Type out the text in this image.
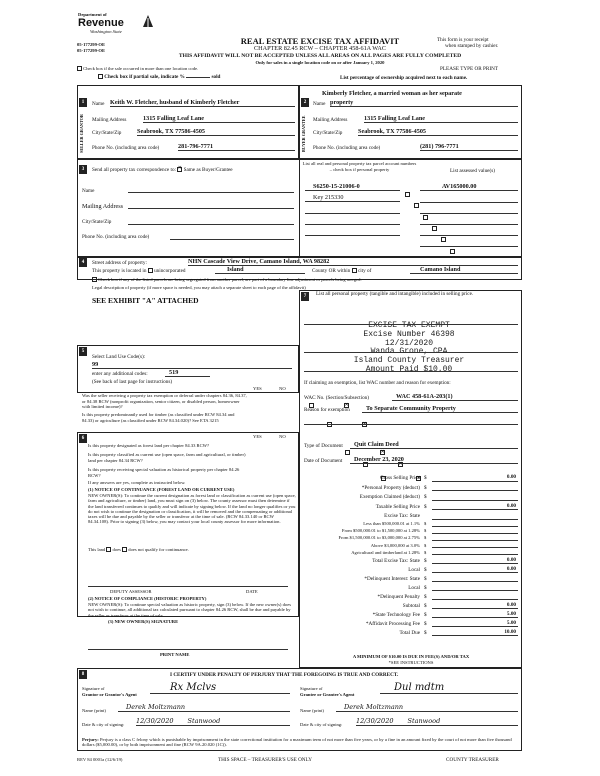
Department of
Revenue
Washington State
05-177299-OE
05-177299-OE
REAL ESTATE EXCISE TAX AFFIDAVIT
CHAPTER 82.45 RCW – CHAPTER 458-61A WAC
THIS AFFIDAVIT WILL NOT BE ACCEPTED UNLESS ALL AREAS ON ALL PAGES ARE FULLY COMPLETED
Only for sales in a single location code on or after January 1, 2020
This form is your receipt
when stamped by cashier.
PLEASE TYPE OR PRINT
Check box if the sale occurred in more than one location code.
Check box if partial sale, indicate %	sold	List percentage of ownership acquired next to each name.
1
SELLER GRANTOR
Name Keith W. Fletcher, husband of Kimberly Fletcher
Mailing Address	1315 Falling Leaf Lane
City/State/Zip	Seabrook, TX 77586-4505
Phone No. (including area code)	281-796-7771
2
BUYER GRANTEE
Kimberly Fletcher, a married woman as her separate
Name property
Mailing Address	1315 Falling Leaf Lane
City/State/Zip	Seabrook, TX 77586-4505
Phone No. (including area code)	(281) 796-7771
3	Send all property tax correspondence to: ✕ Same as Buyer/Grantee
Name
Mailing Address
City/State/Zip
Phone No. (including area code)
List all real and personal property tax parcel account numbers – check box if personal property	List assessed value(s)
S6250-15-21006-0
	AV165000.00
Key 215330

4	Street address of property:	NHN Cascade View Drive, Camano Island, WA 98282
This property is located in unincorporated	Island	County OR within city of	Camano Island
Check box if any of the listed parcels are being segregated from another parcel, are part of a boundary line adjustment or parcels being merged.
Legal description of property (if more space is needed, you may attach a separate sheet to each page of the affidavit)
SEE EXHIBIT "A" ATTACHED
5
Select Land Use Code(s):
99
enter any additional codes:	519
(See back of last page for instructions)
YES	NO
Was the seller receiving a property tax exemption or deferral under chapters 84.36, 84.37, or 84.38 RCW (nonprofit organization, senior citizen, or disabled person, homeowner with limited income)?
✕
Is this property predominantly used for timber (as classified under RCW 84.34 and 84.33) or agriculture (as classified under RCW 84.34.020)? See ETA 3215
✕
6	YES	NO
Is this property designated as forest land per chapter 84.33 RCW?
✕
Is this property classified as current use (open space, farm and agricultural, or timber) land per chapter 84.34 RCW?
✕
Is this property receiving special valuation as historical property per chapter 84.26 RCW?
✕
If any answers are yes, complete as instructed below.
(1) NOTICE OF CONTINUANCE (FOREST LAND OR CURRENT USE)
NEW OWNER(S): To continue the current designation as forest land or classification as current use (open space, farm and agriculture, or timber) land, you must sign on (3) below. The county assessor must then determine if the land transferred continues to qualify and will indicate by signing below. If the land no longer qualifies or you do not wish to continue the designation or classification, it will be removed and the compensating or additional taxes will be due and payable by the seller or transferor at the time of sale. (RCW 84.33.140 or RCW 84.34.108). Prior to signing (3) below, you may contact your local county assessor for more information.
This land does does not qualify for continuance.
DEPUTY ASSESSOR	DATE
(2) NOTICE OF COMPLIANCE (HISTORIC PROPERTY)
NEW OWNER(S): To continue special valuation as historic property, sign (3) below. If the new owner(s) does not wish to continue, all additional tax calculated pursuant to chapter 84.26 RCW, shall be due and payable by the seller or transferor at the time of sale.
(3) NEW OWNER(S) SIGNATURE
PRINT NAME
7	List all personal property (tangible and intangible) included in selling price.
EXCISE TAX EXEMPT
Excise Number 46398
12/31/2020
Wanda Grone, CPA
Island County Treasurer
Amount Paid $10.00
If claiming an exemption, list WAC number and reason for exemption:
WAC No. (Section/Subsection)	WAC 458-61A-203(1)
Reason for exemption	To Separate Community Property
Type of Document	Quit Claim Deed
Date of Document	December 23, 2020
Gross Selling Price $	0.00
*Personal Property (deduct) $
Exemption Claimed (deduct) $
Taxable Selling Price $	0.00
Excise Tax: State
Less than $500,000.01 at 1.1% $
From $500,000.01 to $1,500,000 at 1.28% $
From $1,500,000.01 to $3,000,000 at 2.75% $
Above $3,000,000 at 3.0% $
Agricultural and timberland at 1.28% $
Total Excise Tax: State $	0.00
Local $	0.00
*Delinquent Interest: State $
Local $
*Delinquent Penalty $
Subtotal $	0.00
*State Technology Fee $	5.00
*Affidavit Processing Fee $	5.00
Total Due $	10.00
A MINIMUM OF $10.00 IS DUE IN FEE(S) AND/OR TAX
*SEE INSTRUCTIONS
8	I CERTIFY UNDER PENALTY OF PERJURY THAT THE FOREGOING IS TRUE AND CORRECT.
Signature of
Grantor or Grantor's Agent
Rx Mclvs
Name (print)	Derek Moltzmann
Date & city of signing: 12/30/2020 Stanwood
Signature of
Grantee or Grantee's Agent
Dul mdtm
Name (print)	Derek Moltzmann
Date & city of signing: 12/30/2020 Stanwood
Perjury: Perjury is a class C felony which is punishable by imprisonment in the state correctional institution for a maximum term of not more than five years, or by a fine in an amount fixed by the court of not more than five thousand dollars ($5,000.00), or by both imprisonment and fine (RCW 9A.20.020 (1C)).
REV 84 0001a (12/6/19)	THIS SPACE – TREASURER'S USE ONLY	COUNTY TREASURER
